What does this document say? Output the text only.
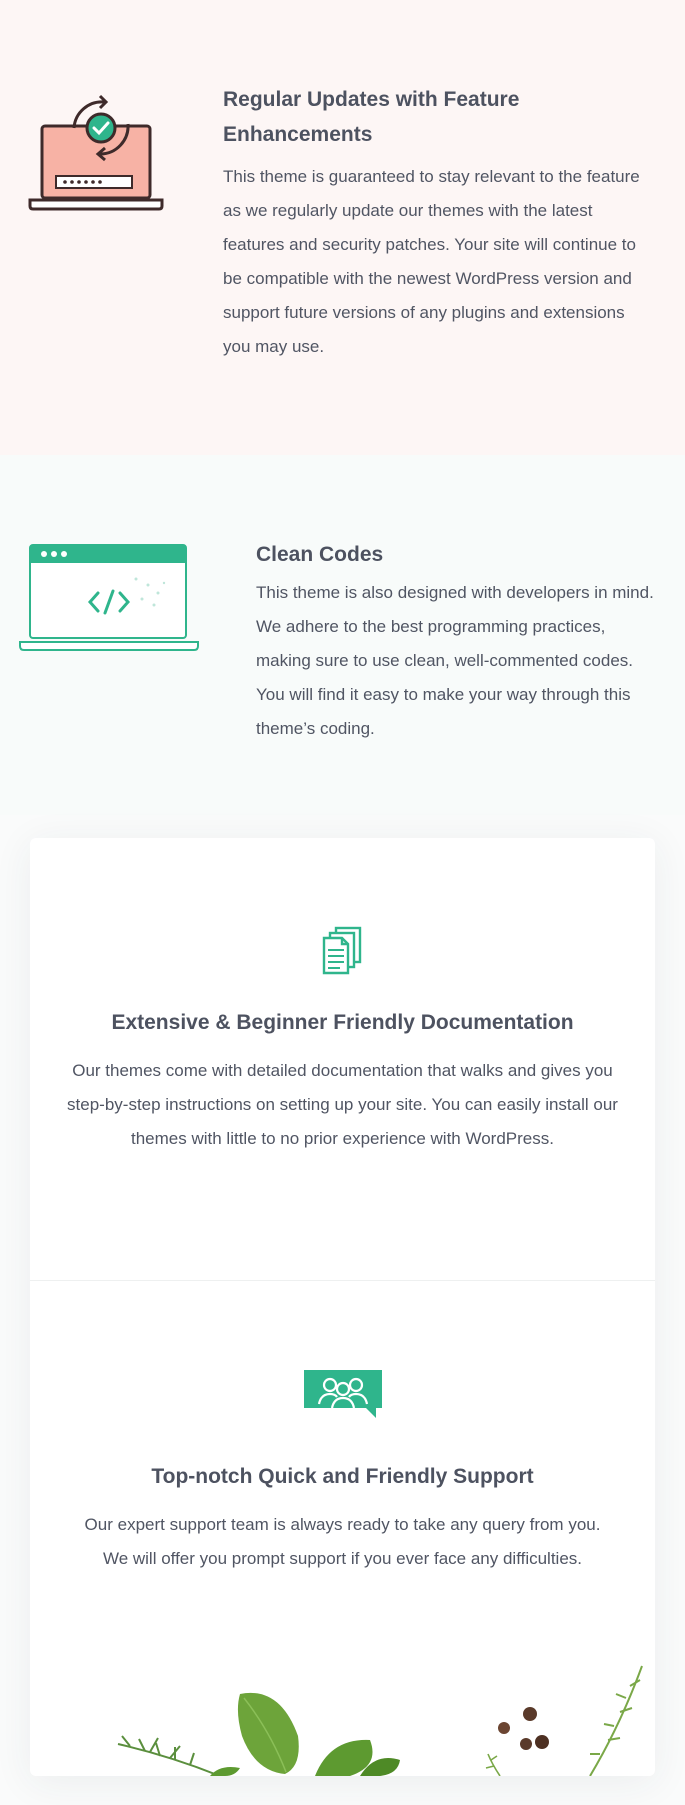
Regular Updates with Feature Enhancements

This theme is guaranteed to stay relevant to the feature as we regularly update our themes with the latest features and security patches. Your site will continue to be compatible with the newest WordPress version and support future versions of any plugins and extensions you may use.

Clean Codes

This theme is also designed with developers in mind. We adhere to the best programming practices, making sure to use clean, well-commented codes. You will find it easy to make your way through this theme’s coding.

Extensive & Beginner Friendly Documentation

Our themes come with detailed documentation that walks and gives you step-by-step instructions on setting up your site. You can easily install our themes with little to no prior experience with WordPress.

Top-notch Quick and Friendly Support

Our expert support team is always ready to take any query from you. We will offer you prompt support if you ever face any difficulties.
